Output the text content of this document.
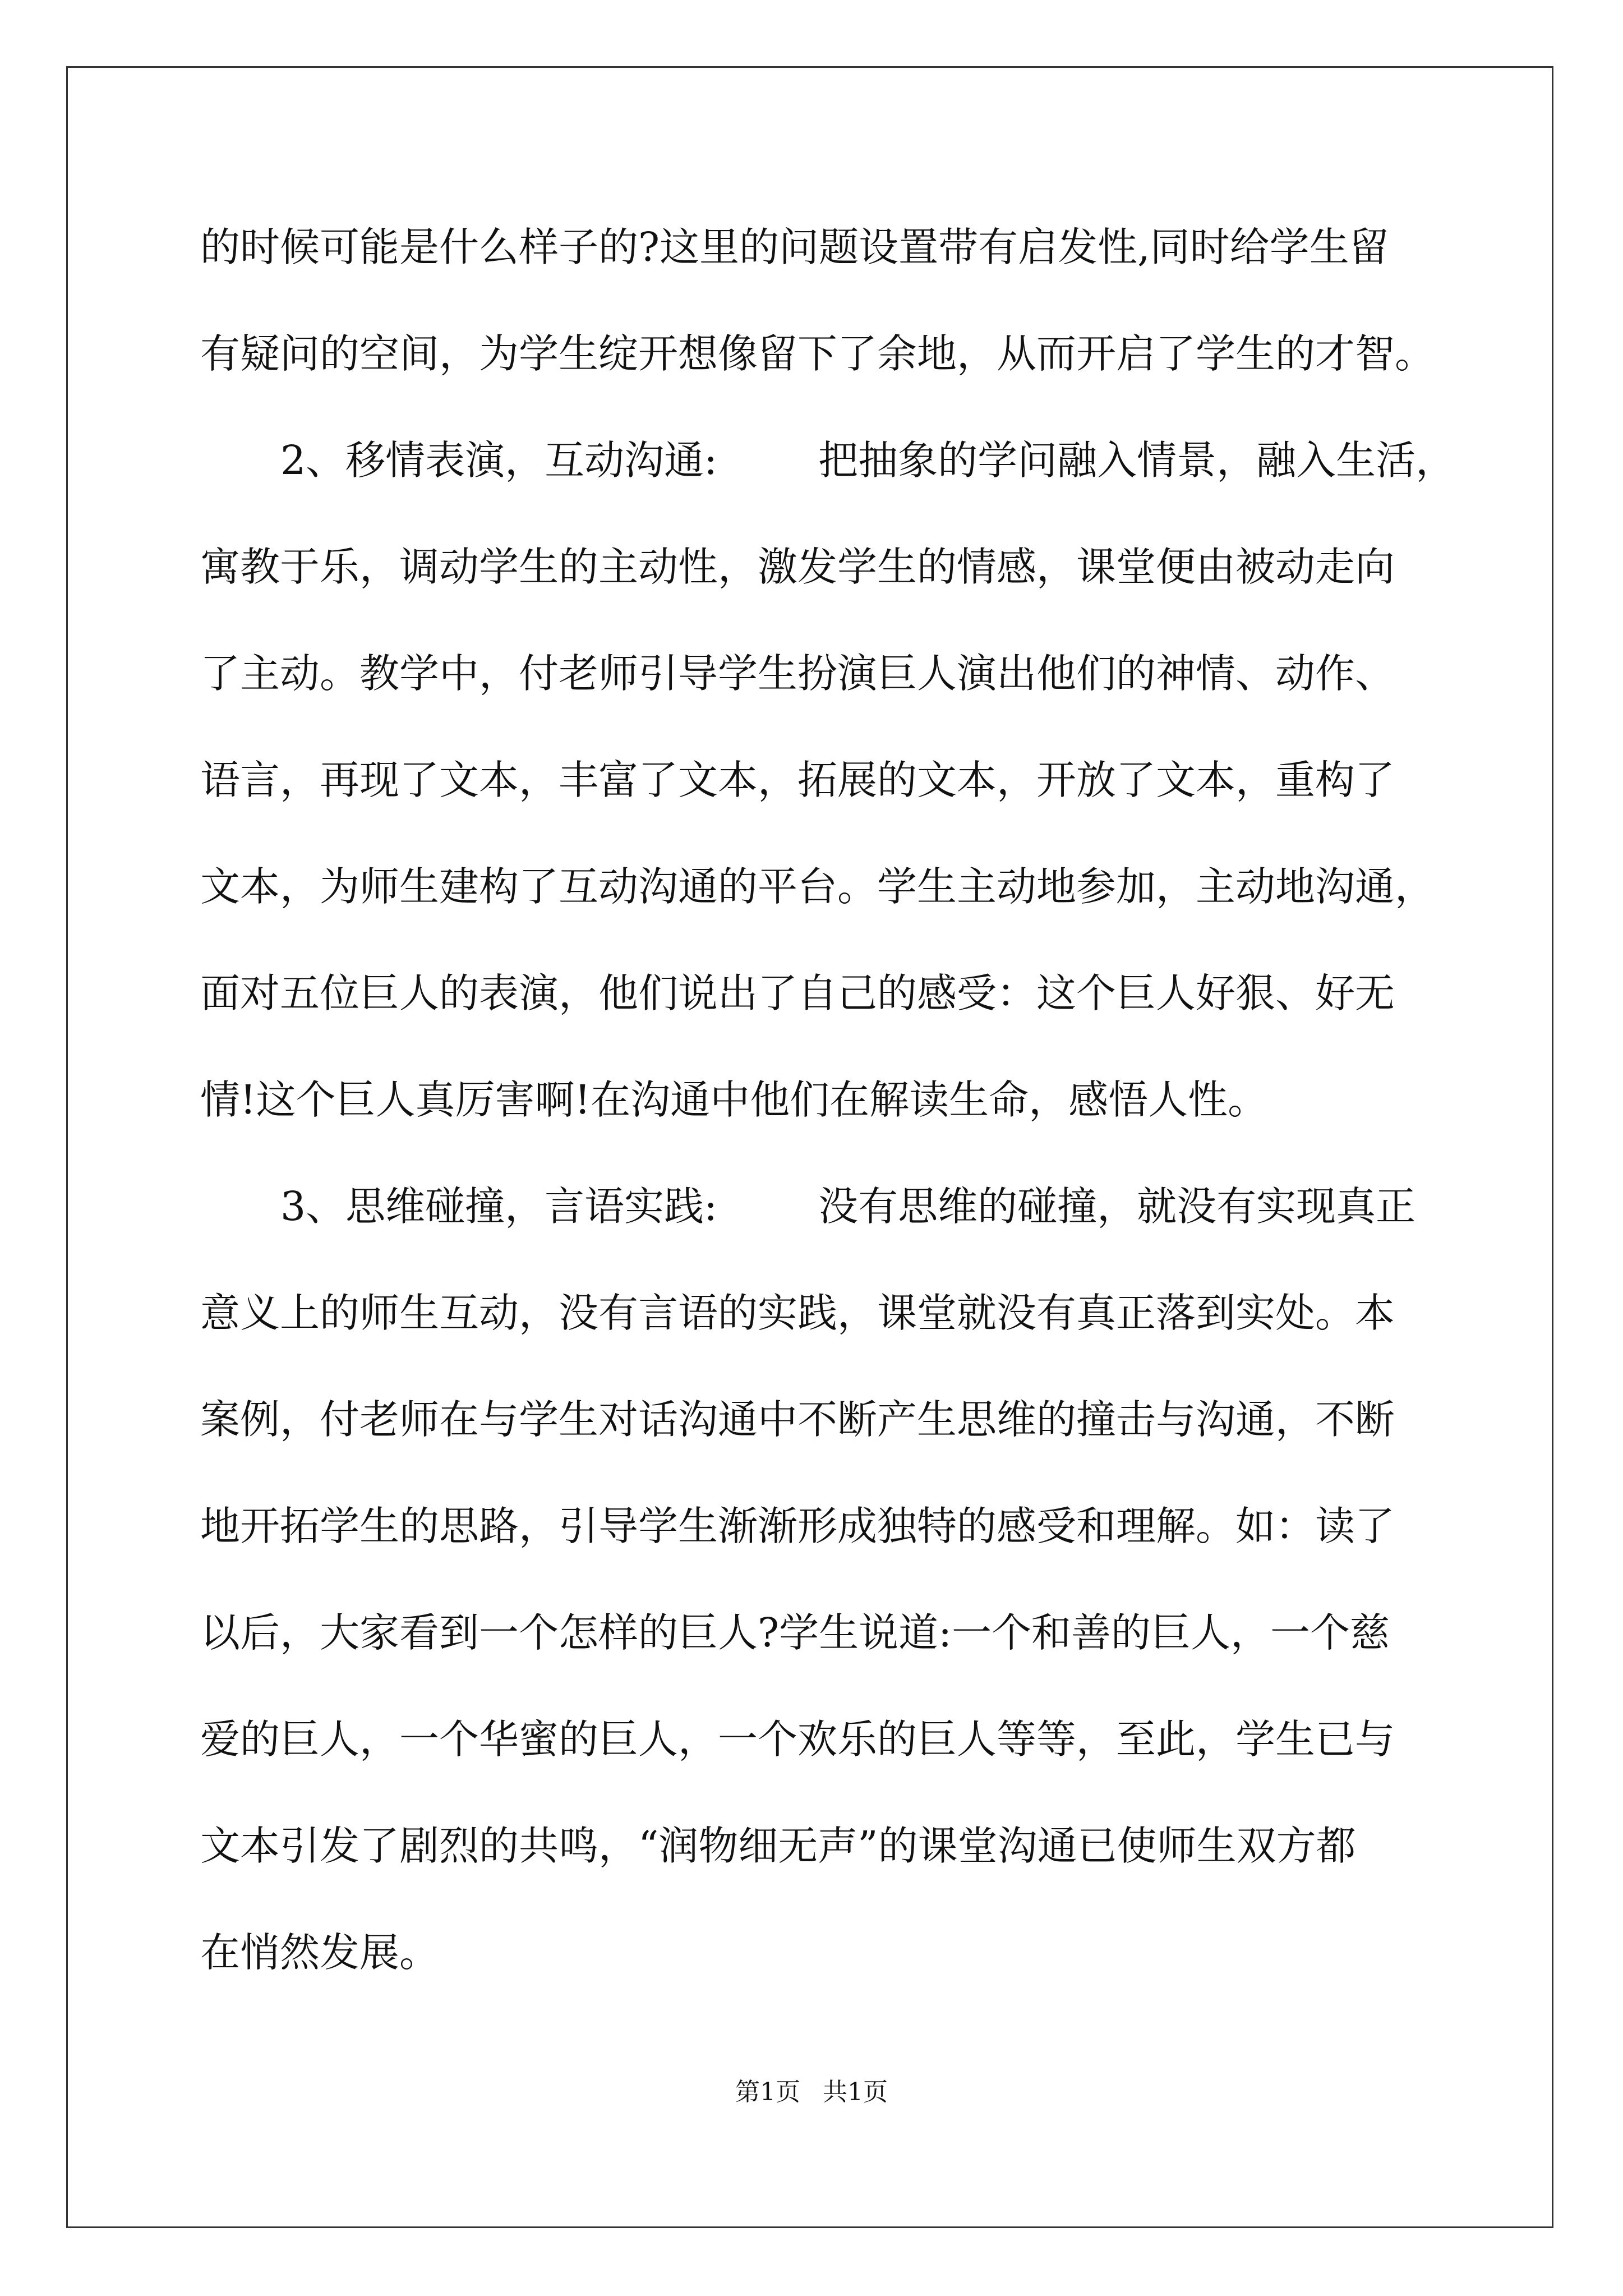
的时候可能是什么样子的?这里的问题设置带有启发性,同时给学生留
有疑问的空间，为学生绽开想像留下了余地，从而开启了学生的才智。
2、移情表演，互动沟通:	把抽象的学问融入情景，融入生活，
寓教于乐，调动学生的主动性，激发学生的情感，课堂便由被动走向
了主动。教学中，付老师引导学生扮演巨人演出他们的神情、动作、
语言，再现了文本，丰富了文本，拓展的文本，开放了文本，重构了
文本，为师生建构了互动沟通的平台。学生主动地参加，主动地沟通，
面对五位巨人的表演，他们说出了自己的感受：这个巨人好狠、好无
情!这个巨人真厉害啊!在沟通中他们在解读生命，感悟人性。
3、思维碰撞，言语实践:	没有思维的碰撞，就没有实现真正
意义上的师生互动，没有言语的实践，课堂就没有真正落到实处。本
案例，付老师在与学生对话沟通中不断产生思维的撞击与沟通，不断
地开拓学生的思路，引导学生渐渐形成独特的感受和理解。如：读了
以后，大家看到一个怎样的巨人?学生说道:一个和善的巨人，一个慈
爱的巨人，一个华蜜的巨人，一个欢乐的巨人等等，至此，学生已与
文本引发了剧烈的共鸣，“润物细无声”的课堂沟通已使师生双方都
在悄然发展。
第1页 共1页
